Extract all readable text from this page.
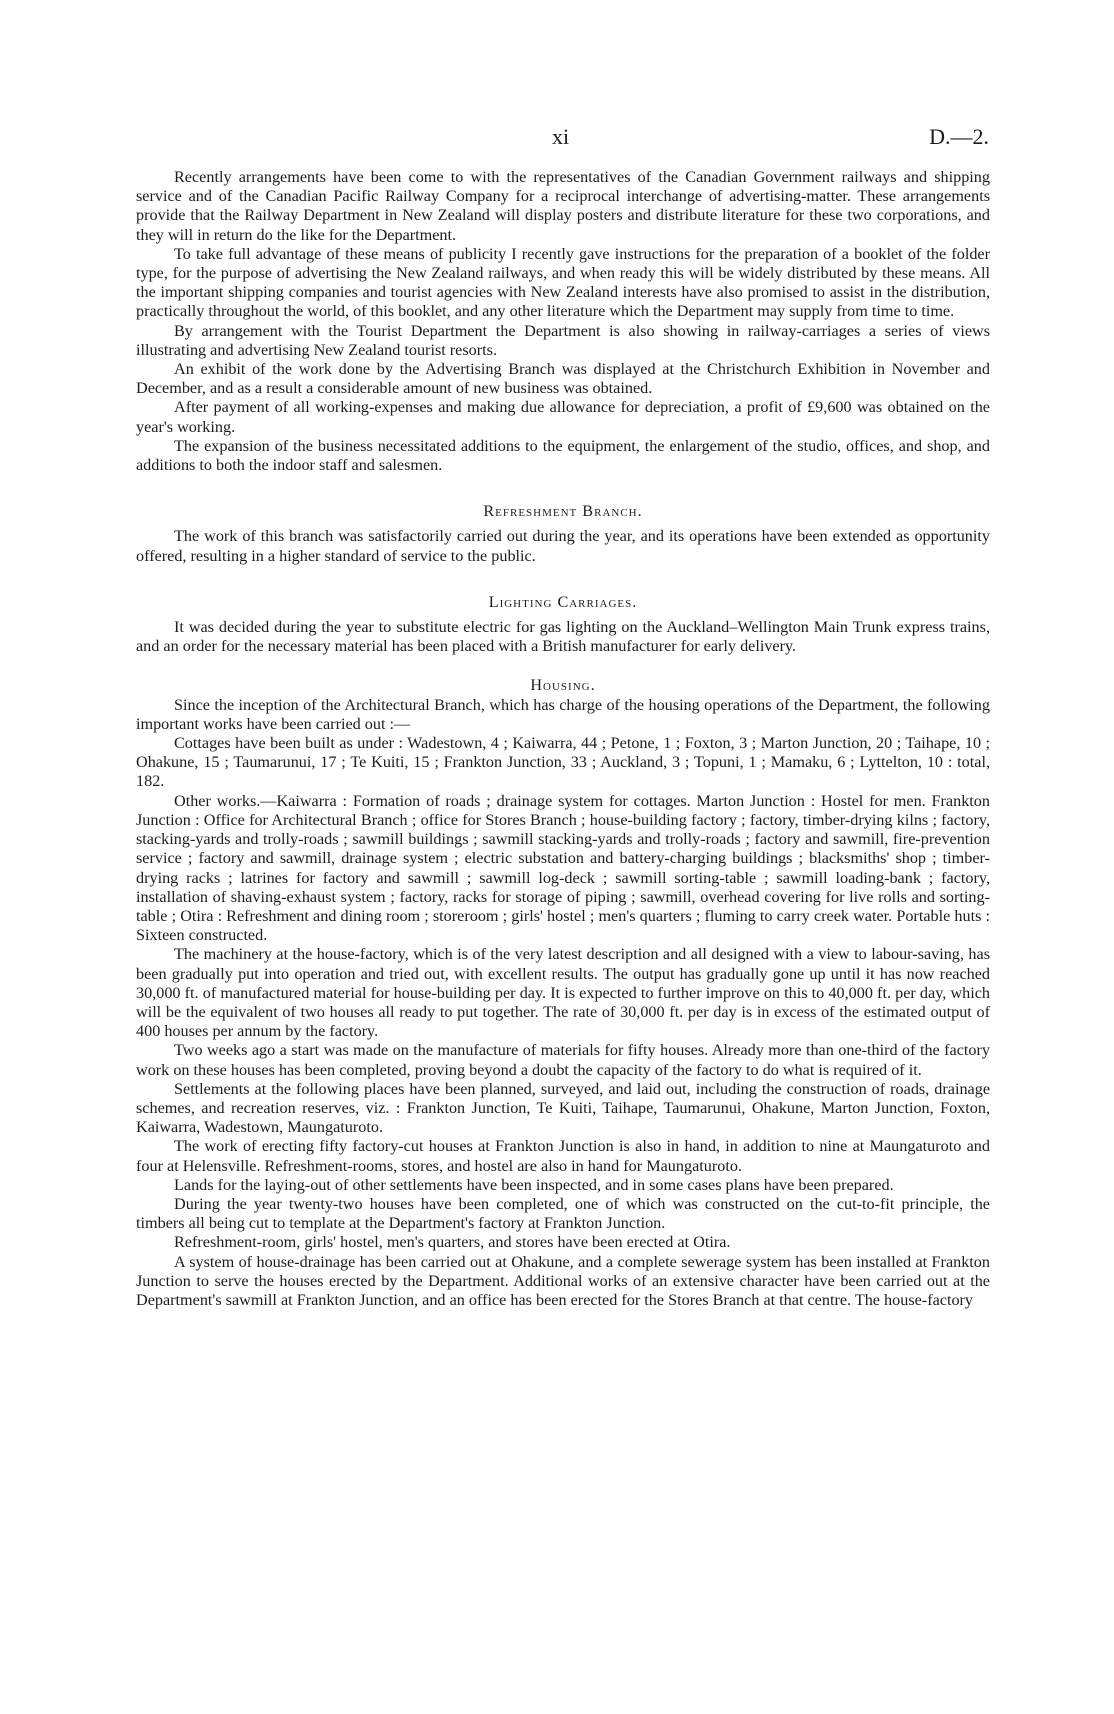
xi	D.—2.

Recently arrangements have been come to with the representatives of the Canadian Government railways and shipping service and of the Canadian Pacific Railway Company for a reciprocal interchange of advertising-matter. These arrangements provide that the Railway Department in New Zealand will display posters and distribute literature for these two corporations, and they will in return do the like for the Department.

To take full advantage of these means of publicity I recently gave instructions for the preparation of a booklet of the folder type, for the purpose of advertising the New Zealand railways, and when ready this will be widely distributed by these means. All the important shipping companies and tourist agencies with New Zealand interests have also promised to assist in the distribution, practically throughout the world, of this booklet, and any other literature which the Department may supply from time to time.

By arrangement with the Tourist Department the Department is also showing in railway-carriages a series of views illustrating and advertising New Zealand tourist resorts.

An exhibit of the work done by the Advertising Branch was displayed at the Christchurch Exhibition in November and December, and as a result a considerable amount of new business was obtained.

After payment of all working-expenses and making due allowance for depreciation, a profit of £9,600 was obtained on the year's working.

The expansion of the business necessitated additions to the equipment, the enlargement of the studio, offices, and shop, and additions to both the indoor staff and salesmen.

Refreshment Branch.

The work of this branch was satisfactorily carried out during the year, and its operations have been extended as opportunity offered, resulting in a higher standard of service to the public.

Lighting Carriages.

It was decided during the year to substitute electric for gas lighting on the Auckland–Wellington Main Trunk express trains, and an order for the necessary material has been placed with a British manufacturer for early delivery.

Housing.

Since the inception of the Architectural Branch, which has charge of the housing operations of the Department, the following important works have been carried out :—

Cottages have been built as under : Wadestown, 4 ; Kaiwarra, 44 ; Petone, 1 ; Foxton, 3 ; Marton Junction, 20 ; Taihape, 10 ; Ohakune, 15 ; Taumarunui, 17 ; Te Kuiti, 15 ; Frankton Junction, 33 ; Auckland, 3 ; Topuni, 1 ; Mamaku, 6 ; Lyttelton, 10 : total, 182.

Other works.—Kaiwarra : Formation of roads ; drainage system for cottages. Marton Junction : Hostel for men. Frankton Junction : Office for Architectural Branch ; office for Stores Branch ; house-building factory ; factory, timber-drying kilns ; factory, stacking-yards and trolly-roads ; sawmill buildings ; sawmill stacking-yards and trolly-roads ; factory and sawmill, fire-prevention service ; factory and sawmill, drainage system ; electric substation and battery-charging buildings ; blacksmiths' shop ; timber-drying racks ; latrines for factory and sawmill ; sawmill log-deck ; sawmill sorting-table ; sawmill loading-bank ; factory, installation of shaving-exhaust system ; factory, racks for storage of piping ; sawmill, overhead covering for live rolls and sorting-table ; Otira : Refreshment and dining room ; storeroom ; girls' hostel ; men's quarters ; fluming to carry creek water. Portable huts : Sixteen constructed.

The machinery at the house-factory, which is of the very latest description and all designed with a view to labour-saving, has been gradually put into operation and tried out, with excellent results. The output has gradually gone up until it has now reached 30,000 ft. of manufactured material for house-building per day. It is expected to further improve on this to 40,000 ft. per day, which will be the equivalent of two houses all ready to put together. The rate of 30,000 ft. per day is in excess of the estimated output of 400 houses per annum by the factory.

Two weeks ago a start was made on the manufacture of materials for fifty houses. Already more than one-third of the factory work on these houses has been completed, proving beyond a doubt the capacity of the factory to do what is required of it.

Settlements at the following places have been planned, surveyed, and laid out, including the construction of roads, drainage schemes, and recreation reserves, viz. : Frankton Junction, Te Kuiti, Taihape, Taumarunui, Ohakune, Marton Junction, Foxton, Kaiwarra, Wadestown, Maungaturoto.

The work of erecting fifty factory-cut houses at Frankton Junction is also in hand, in addition to nine at Maungaturoto and four at Helensville. Refreshment-rooms, stores, and hostel are also in hand for Maungaturoto.

Lands for the laying-out of other settlements have been inspected, and in some cases plans have been prepared.

During the year twenty-two houses have been completed, one of which was constructed on the cut-to-fit principle, the timbers all being cut to template at the Department's factory at Frankton Junction.

Refreshment-room, girls' hostel, men's quarters, and stores have been erected at Otira.

A system of house-drainage has been carried out at Ohakune, and a complete sewerage system has been installed at Frankton Junction to serve the houses erected by the Department. Additional works of an extensive character have been carried out at the Department's sawmill at Frankton Junction, and an office has been erected for the Stores Branch at that centre. The house-factory
